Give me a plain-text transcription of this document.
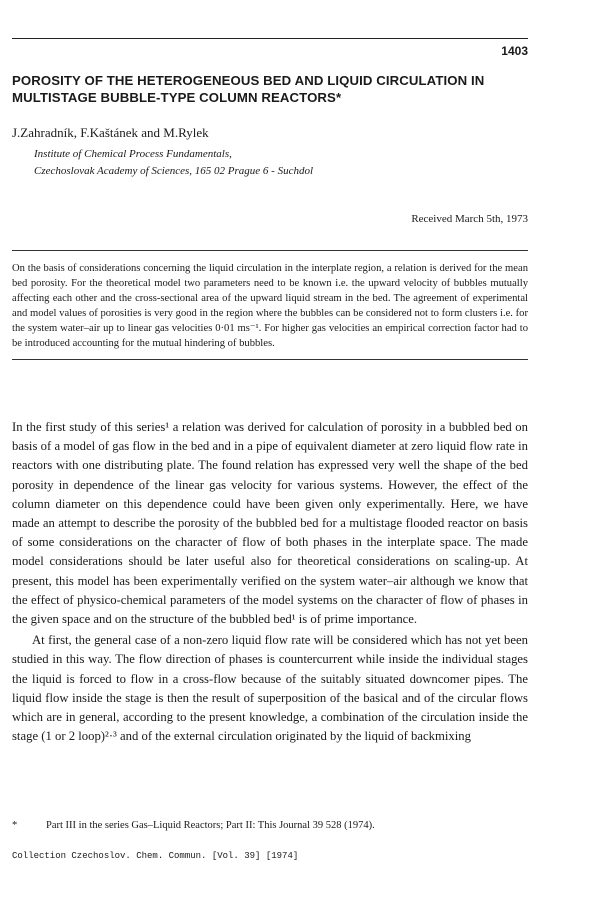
1403
POROSITY OF THE HETEROGENEOUS BED AND LIQUID CIRCULATION IN MULTISTAGE BUBBLE-TYPE COLUMN REACTORS*
J.Zahradník, F.Kaštánek and M.Rylek
Institute of Chemical Process Fundamentals,
Czechoslovak Academy of Sciences, 165 02 Prague 6 - Suchdol
Received March 5th, 1973

On the basis of considerations concerning the liquid circulation in the interplate region, a relation is derived for the mean bed porosity. For the theoretical model two parameters need to be known i.e. the upward velocity of bubbles mutually affecting each other and the cross-sectional area of the upward liquid stream in the bed. The agreement of experimental and model values of porosities is very good in the region where the bubbles can be considered not to form clusters i.e. for the system water–air up to linear gas velocities 0·01 ms⁻¹. For higher gas velocities an empirical correction factor had to be introduced accounting for the mutual hindering of bubbles.

In the first study of this series¹ a relation was derived for calculation of porosity in a bubbled bed on basis of a model of gas flow in the bed and in a pipe of equivalent diameter at zero liquid flow rate in reactors with one distributing plate. The found relation has expressed very well the shape of the bed porosity in dependence of the linear gas velocity for various systems. However, the effect of the column diameter on this dependence could have been given only experimentally. Here, we have made an attempt to describe the porosity of the bubbled bed for a multistage flooded reactor on basis of some considerations on the character of flow of both phases in the interplate space. The made model considerations should be later useful also for theoretical considerations on scaling-up. At present, this model has been experimentally verified on the system water–air although we know that the effect of physico-chemical parameters of the model systems on the character of flow of phases in the given space and on the structure of the bubbled bed¹ is of prime importance.

At first, the general case of a non-zero liquid flow rate will be considered which has not yet been studied in this way. The flow direction of phases is countercurrent while inside the individual stages the liquid is forced to flow in a cross-flow because of the suitably situated downcomer pipes. The liquid flow inside the stage is then the result of superposition of the basical and of the circular flows which are in general, according to the present knowledge, a combination of the circulation inside the stage (1 or 2 loop)²·³ and of the external circulation originated by the liquid of backmixing

*	Part III in the series Gas–Liquid Reactors; Part II: This Journal 39 528 (1974).
Collection Czechoslov. Chem. Commun. [Vol. 39] [1974]
